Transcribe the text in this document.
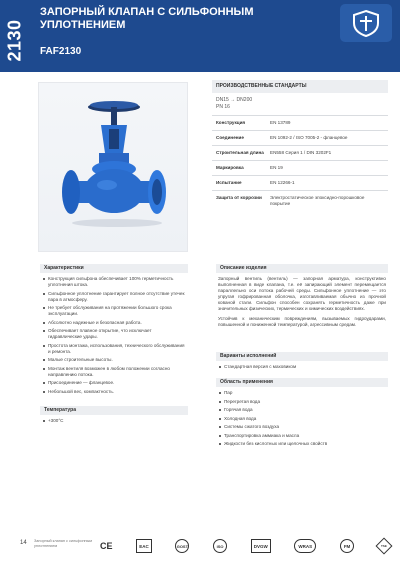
2130
ЗАПОРНЫЙ КЛАПАН С СИЛЬФОННЫМ УПЛОТНЕНИЕМ
FAF2130
ПРОИЗВОДСТВЕННЫЕ СТАНДАРТЫ
DN15 → DN200
PN 16
Конструкция	EN 13789
Соединение	EN 1092-2 / ISO 7005-2 - фланцевое
Строительная длина	EN558 Серия 1 / DIN 3202F1
Маркировка	EN 19
Испытание	EN 12266-1
Защита от коррозии	Электростатическое эпоксидно-порошковое покрытие
Характеристики
Конструкция сильфона обеспечивает 100% герметичность уплотнения штока.
Сильфонное уплотнение гарантирует полное отсутствие утечек пара в атмосферу.
Не требует обслуживания на протяжении большого срока эксплуатации.
Абсолютно надежные и безопасная работа.
Обеспечивает плавное открытие, что исключает гидравлические удары.
Простота монтажа, использования, технического обслуживания и ремонта.
Малые строительные высоты.
Монтаж вентиля возможен в любом положении согласно направлению потока.
Присоединение — фланцевое.
Небольшой вес, компактность.
Температура
+300°C
Описание изделия
Запорный вентиль (вентиль) — запорная арматура, конструктивно выполненная в виде клапана, т.е. её запирающий элемент перемещается параллельно оси потока рабочей среды. Сильфонное уплотнение — это упругая гофрированная оболочка, изготавливаемая обычно из прочной кованой стали. Сильфон способен сохранять герметичность даже при значительных физических, термических и химических воздействиях.
Устойчив к механическим повреждениям, вызываемых гидроударами, повышенной и пониженной температурой, агрессивным средам.
Варианты исполнений
Стандартная версия с маховиком
Область применения
Пар
Перегретая вода
Горячая вода
Холодная вода
Системы сжатого воздуха
Транспортировка аммиака и масла
Жидкости без кислотных или щелочных свойств
14 Запорный клапан с сильфонным уплотнением	CE	EAC	GOST	ISO	DVGW	WRAS	FM	TSE
